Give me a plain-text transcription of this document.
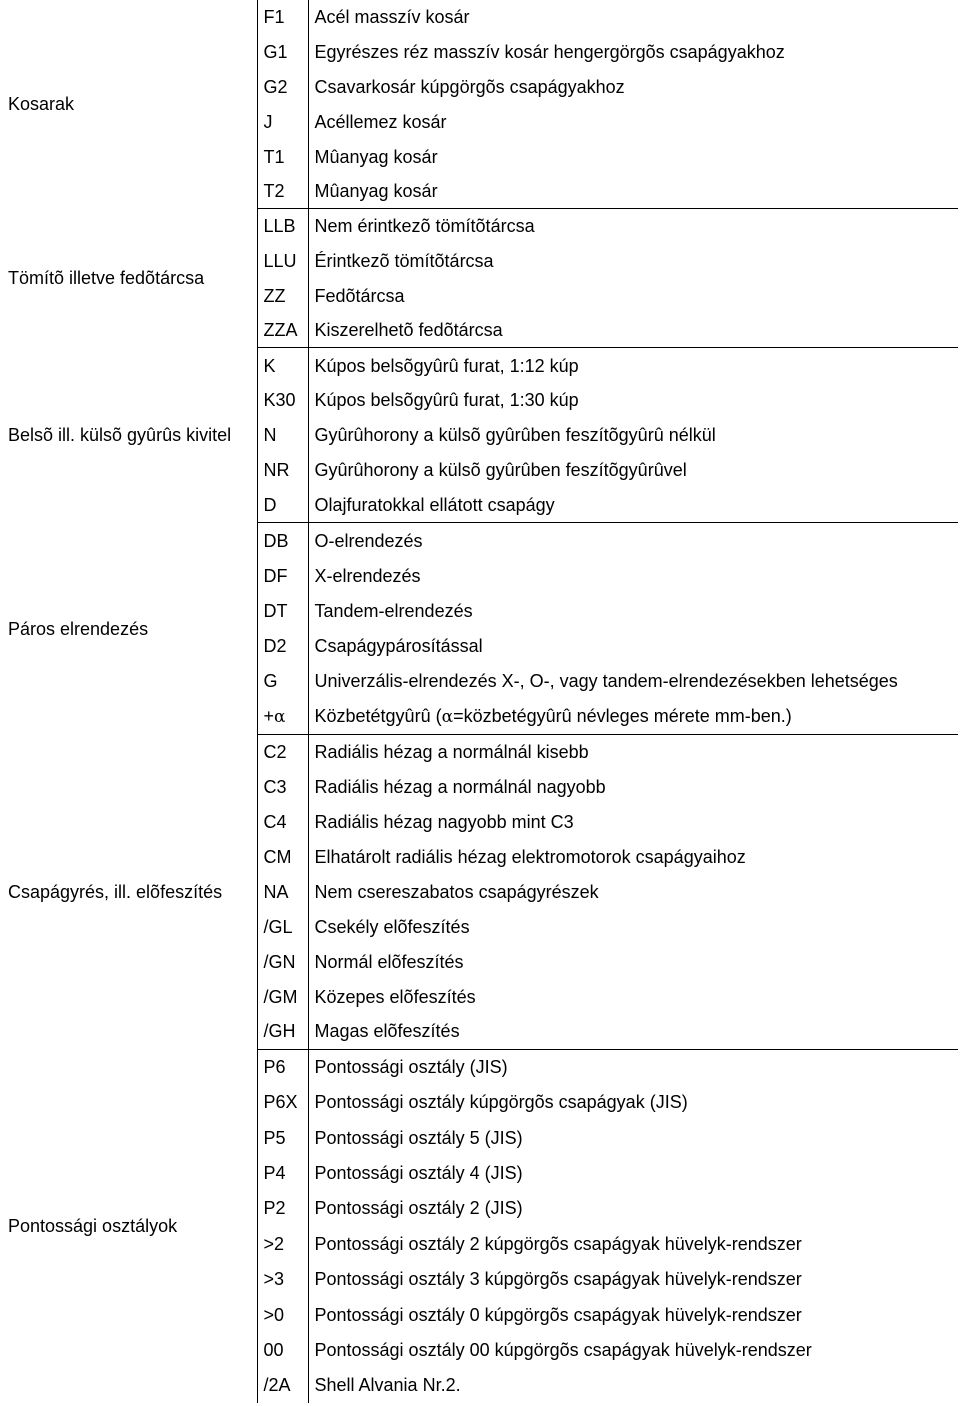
Kosarak	F1	Acél masszív kosár
	G1	Egyrészes réz masszív kosár hengergörgõs csapágyakhoz
	G2	Csavarkosár kúpgörgõs csapágyakhoz
	J	Acéllemez kosár
	T1	Mûanyag kosár
	T2	Mûanyag kosár
Tömítõ illetve fedõtárcsa	LLB	Nem érintkezõ tömítõtárcsa
	LLU	Érintkezõ tömítõtárcsa
	ZZ	Fedõtárcsa
	ZZA	Kiszerelhetõ fedõtárcsa
Belsõ ill. külsõ gyûrûs kivitel	K	Kúpos belsõgyûrû furat, 1:12 kúp
	K30	Kúpos belsõgyûrû furat, 1:30 kúp
	N	Gyûrûhorony a külsõ gyûrûben feszítõgyûrû nélkül
	NR	Gyûrûhorony a külsõ gyûrûben feszítõgyûrûvel
	D	Olajfuratokkal ellátott csapágy
Páros elrendezés	DB	O-elrendezés
	DF	X-elrendezés
	DT	Tandem-elrendezés
	D2	Csapágypárosítással
	G	Univerzális-elrendezés X-, O-, vagy tandem-elrendezésekben lehetséges
	+α	Közbetétgyûrû (α=közbetégyûrû névleges mérete mm-ben.)
Csapágyrés, ill. elõfeszítés	C2	Radiális hézag a normálnál kisebb
	C3	Radiális hézag a normálnál nagyobb
	C4	Radiális hézag nagyobb mint C3
	CM	Elhatárolt radiális hézag elektromotorok csapágyaihoz
	NA	Nem csereszabatos csapágyrészek
	/GL	Csekély elõfeszítés
	/GN	Normál elõfeszítés
	/GM	Közepes elõfeszítés
	/GH	Magas elõfeszítés
Pontossági osztályok	P6	Pontossági osztály (JIS)
	P6X	Pontossági osztály kúpgörgõs csapágyak (JIS)
	P5	Pontossági osztály 5 (JIS)
	P4	Pontossági osztály 4 (JIS)
	P2	Pontossági osztály 2 (JIS)
	>2	Pontossági osztály 2 kúpgörgõs csapágyak hüvelyk-rendszer
	>3	Pontossági osztály 3 kúpgörgõs csapágyak hüvelyk-rendszer
	>0	Pontossági osztály 0 kúpgörgõs csapágyak hüvelyk-rendszer
	00	Pontossági osztály 00 kúpgörgõs csapágyak hüvelyk-rendszer
	/2A	Shell Alvania Nr.2.
